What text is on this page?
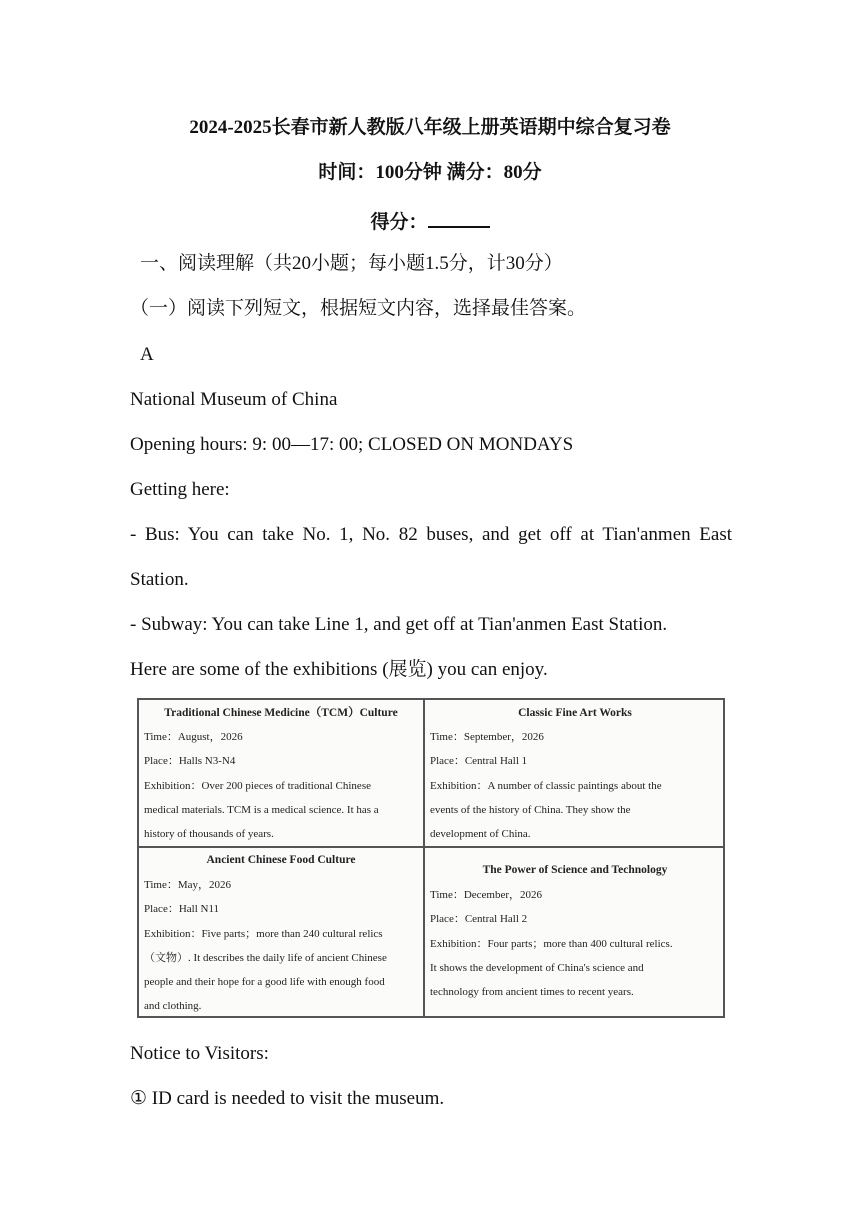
2024-2025长春市新人教版八年级上册英语期中综合复习卷
时间：100分钟 满分：80分
得分：
一、阅读理解（共20小题；每小题1.5分，计30分）
（一）阅读下列短文，根据短文内容，选择最佳答案。
A
National Museum of China
Opening hours: 9: 00—17: 00; CLOSED ON MONDAYS
Getting here:
- Bus: You can take No. 1, No. 82 buses, and get off at Tian'anmen East
Station.
- Subway: You can take Line 1, and get off at Tian'anmen East Station.
Here are some of the exhibitions (展览) you can enjoy.
Traditional Chinese Medicine（TCM）Culture
Time：August，2026
Place：Halls N3-N4
Exhibition：Over 200 pieces of traditional Chinese
medical materials. TCM is a medical science. It has a
history of thousands of years.
Classic Fine Art Works
Time：September，2026
Place：Central Hall 1
Exhibition：A number of classic paintings about the
events of the history of China. They show the
development of China.
Ancient Chinese Food Culture
Time：May，2026
Place：Hall N11
Exhibition：Five parts；more than 240 cultural relics
（文物）. It describes the daily life of ancient Chinese
people and their hope for a good life with enough food
and clothing.
The Power of Science and Technology
Time：December，2026
Place：Central Hall 2
Exhibition：Four parts；more than 400 cultural relics.
It shows the development of China's science and
technology from ancient times to recent years.
Notice to Visitors:
① ID card is needed to visit the museum.
